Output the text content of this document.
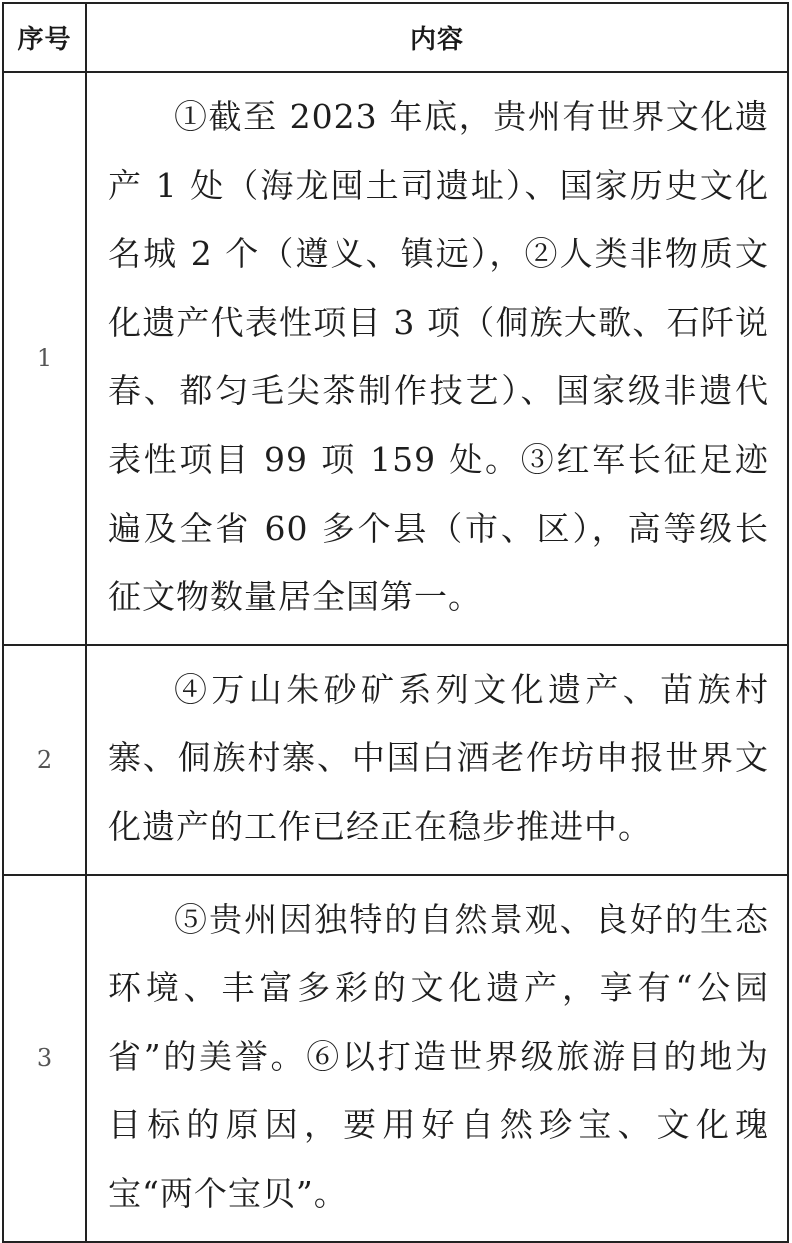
序号	内容
1	①截至 2023 年底，贵州有世界文化遗产 1 处（海龙囤土司遗址）、国家历史文化名城 2 个（遵义、镇远），②人类非物质文化遗产代表性项目 3 项（侗族大歌、石阡说春、都匀毛尖茶制作技艺）、国家级非遗代表性项目 99 项 159 处。③红军长征足迹遍及全省 60 多个县（市、区），高等级长征文物数量居全国第一。

2	④万山朱砂矿系列文化遗产、苗族村寨、侗族村寨、中国白酒老作坊申报世界文化遗产的工作已经正在稳步推进中。

3	⑤贵州因独特的自然景观、良好的生态环境、丰富多彩的文化遗产，享有“公园省”的美誉。⑥以打造世界级旅游目的地为目标的原因，要用好自然珍宝、文化瑰宝“两个宝贝”。
